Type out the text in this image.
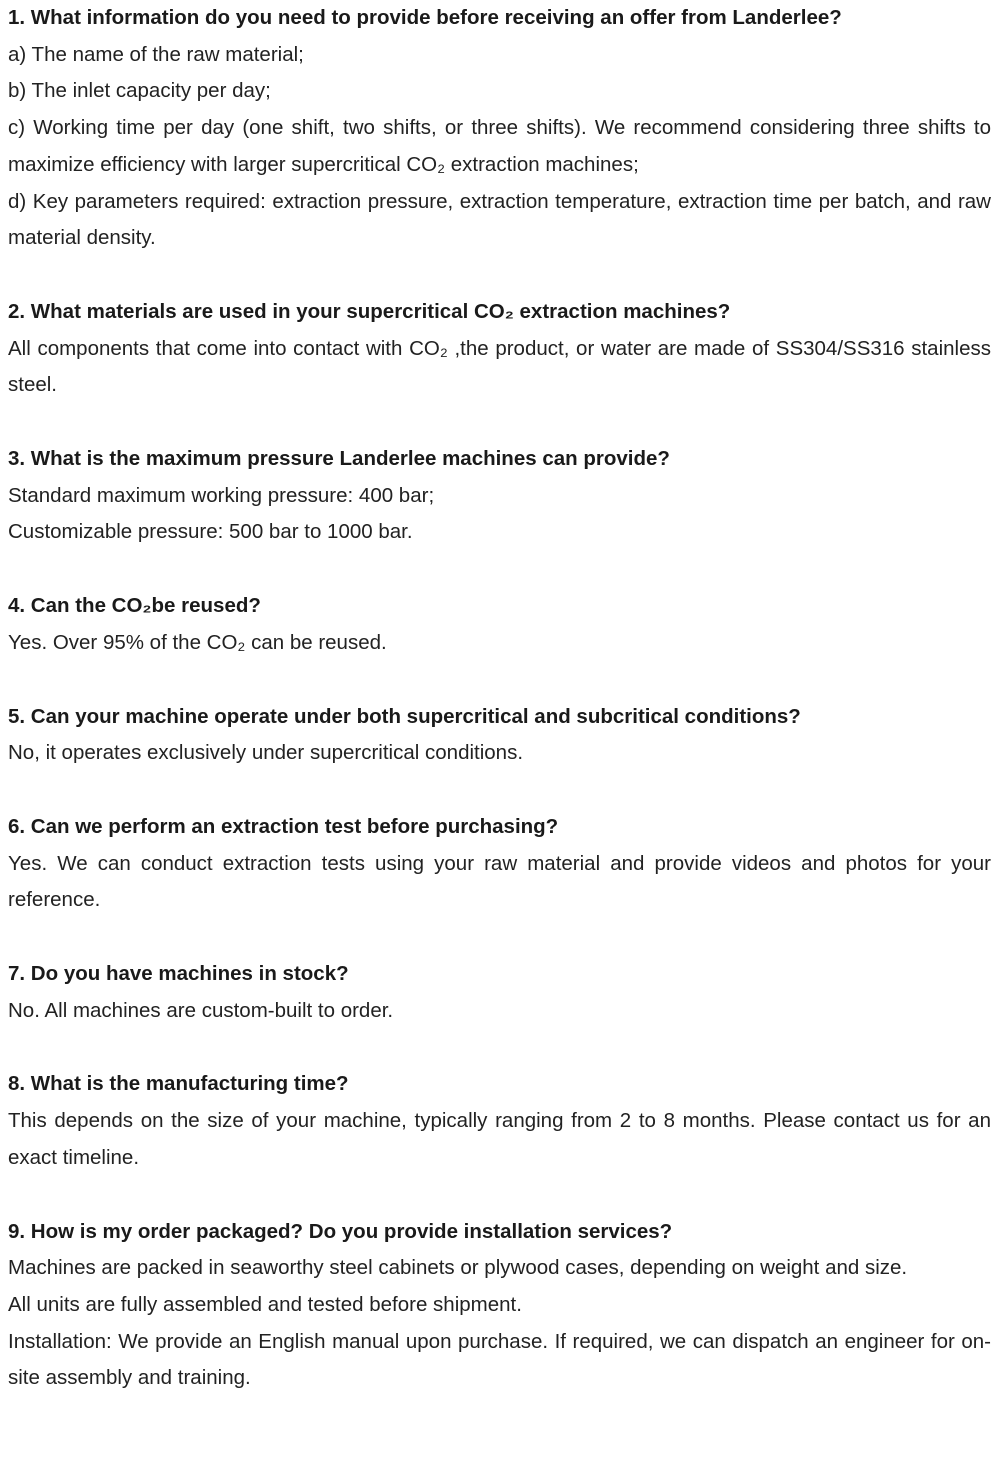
1. What information do you need to provide before receiving an offer from Landerlee?

a) The name of the raw material;

b) The inlet capacity per day;

c) Working time per day (one shift, two shifts, or three shifts). We recommend considering three shifts to maximize efficiency with larger supercritical CO₂ extraction machines;

d) Key parameters required: extraction pressure, extraction temperature, extraction time per batch, and raw material density.

2. What materials are used in your supercritical CO₂ extraction machines?

All components that come into contact with CO₂ ,the product, or water are made of SS304/SS316 stainless steel.

3. What is the maximum pressure Landerlee machines can provide?

Standard maximum working pressure: 400 bar;

Customizable pressure: 500 bar to 1000 bar.

4. Can the CO₂be reused?

Yes. Over 95% of the CO₂ can be reused.

5. Can your machine operate under both supercritical and subcritical conditions?

No, it operates exclusively under supercritical conditions.

6. Can we perform an extraction test before purchasing?

Yes. We can conduct extraction tests using your raw material and provide videos and photos for your reference.

7. Do you have machines in stock?

No. All machines are custom-built to order.

8. What is the manufacturing time?

This depends on the size of your machine, typically ranging from 2 to 8 months. Please contact us for an exact timeline.

9. How is my order packaged? Do you provide installation services?

Machines are packed in seaworthy steel cabinets or plywood cases, depending on weight and size.

All units are fully assembled and tested before shipment.

Installation: We provide an English manual upon purchase. If required, we can dispatch an engineer for on-site assembly and training.
